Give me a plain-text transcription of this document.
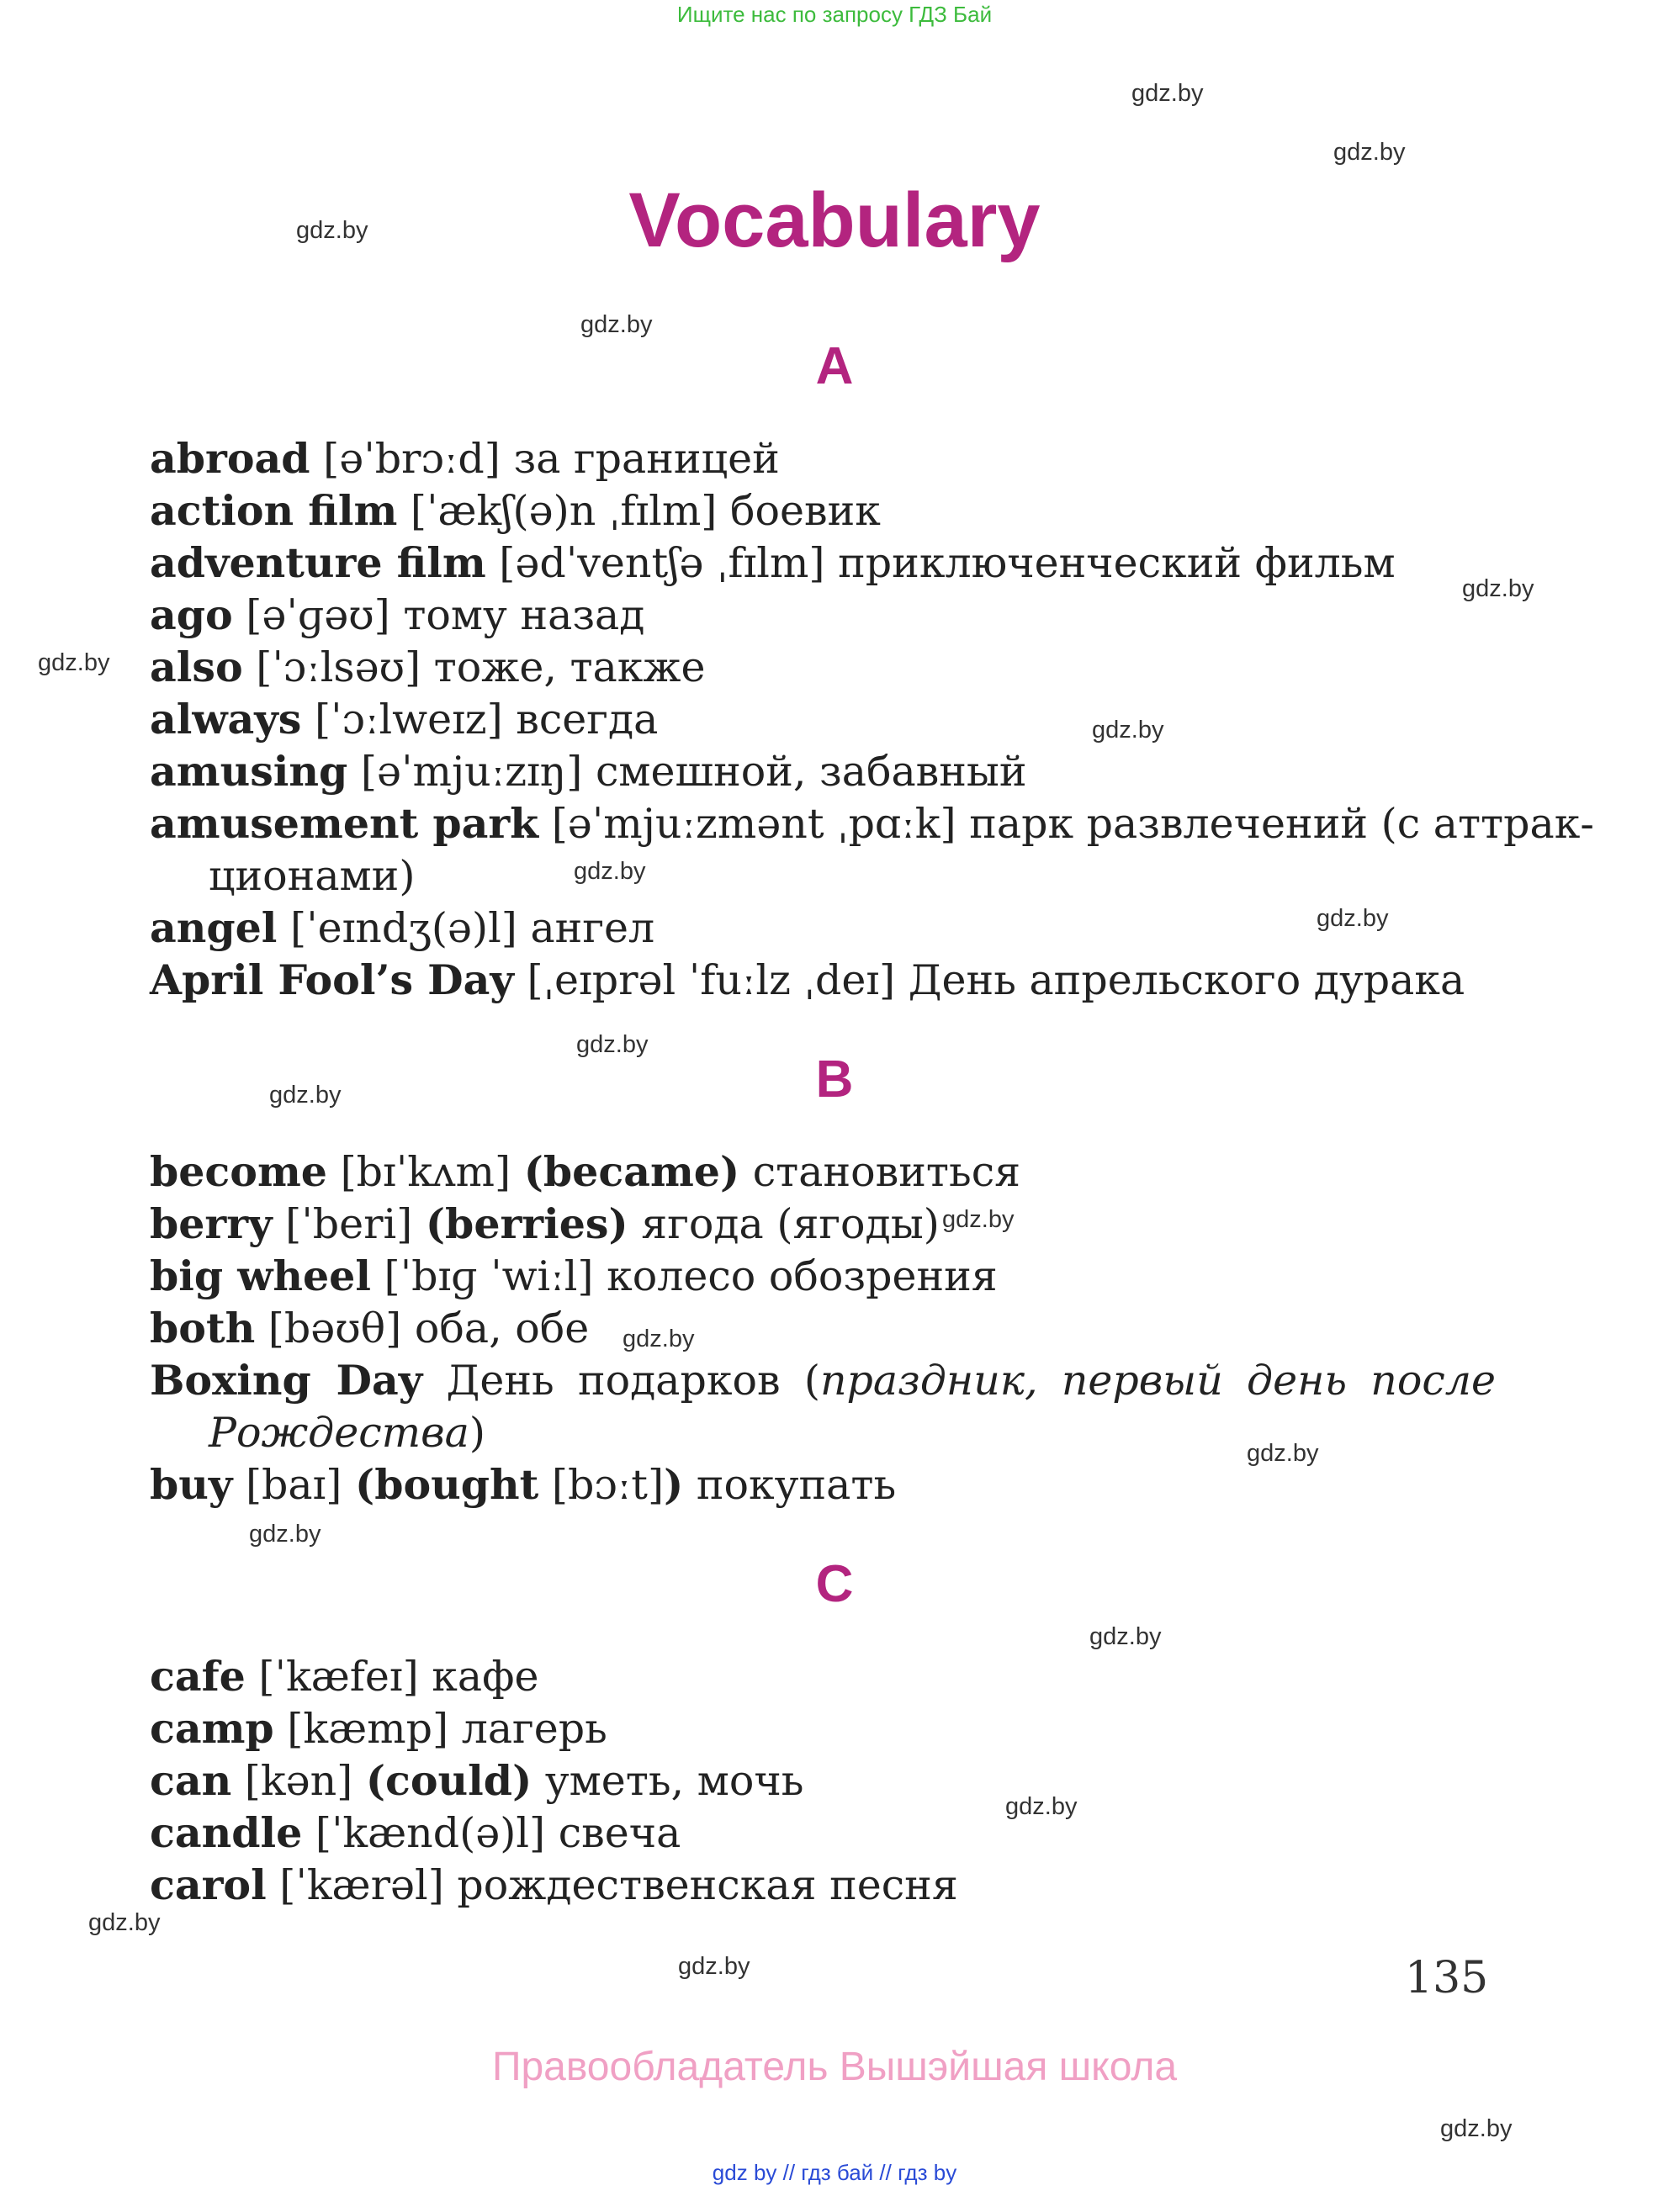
Ищите нас по запросу ГДЗ Бай
Vocabulary
A
abroad [əˈbrɔːd] за границей
action film [ˈækʃ(ə)n ˌfɪlm] боевик
adventure film [ədˈventʃə ˌfɪlm] приключенческий фильм
ago [əˈɡəʊ] тому назад
also [ˈɔːlsəʊ] тоже, также
always [ˈɔːlweɪz] всегда
amusing [əˈmjuːzɪŋ] смешной, забавный
amusement park [əˈmjuːzmənt ˌpɑːk] парк развлечений (с аттрак-
ционами)
angel [ˈeɪndʒ(ə)l] ангел
April Fool’s Day [ˌeɪprəl ˈfuːlz ˌdeɪ] День апрельского дурака
B
become [bɪˈkʌm] (became) становиться
berry [ˈberi] (berries) ягода (ягоды)
big wheel [ˈbɪɡ ˈwiːl] колесо обозрения
both [bəʊθ] оба, обе
Boxing Day День подарков (праздник, первый день после
Рождества)
buy [baɪ] (bought [bɔːt]) покупать
C
cafe [ˈkæfeɪ] кафе
camp [kæmp] лагерь
can [kən] (could) уметь, мочь
candle [ˈkænd(ə)l] свеча
carol [ˈkærəl] рождественская песня
gdz.by
gdz.by
gdz.by
gdz.by
gdz.by
gdz.by
gdz.by
gdz.by
gdz.by
gdz.by
gdz.by
gdz.by
gdz.by
gdz.by
gdz.by
gdz.by
gdz.by
gdz.by
gdz.by
gdz.by
135
Правообладатель Вышэйшая школа
gdz by // гдз бай // гдз by
